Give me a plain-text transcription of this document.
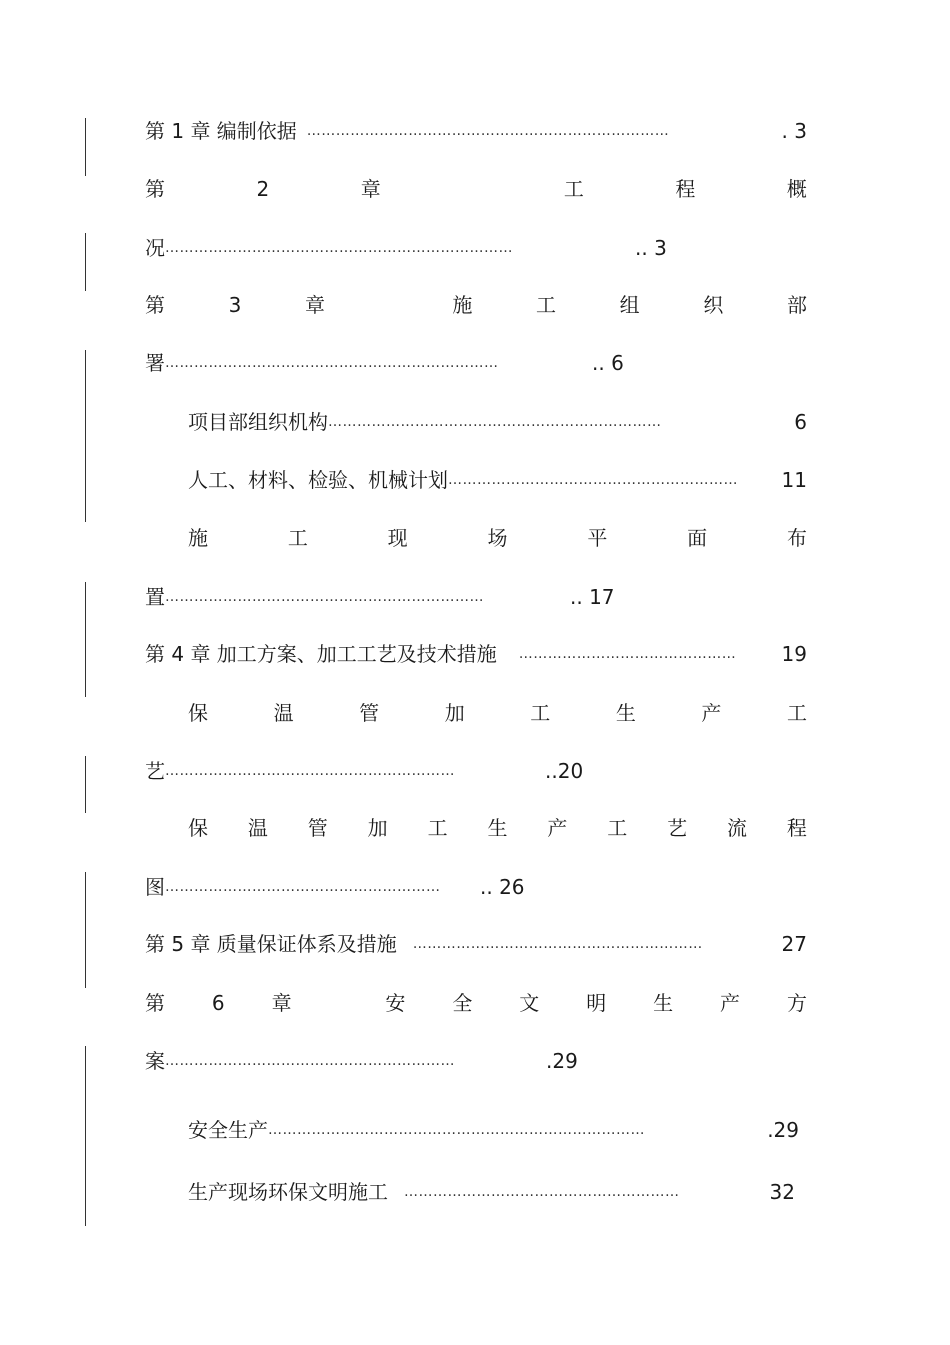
第 1 章 编制依据 …………………………………………………………………	. 3
第	2	章	工	程	概
况 ………………………………………………………………	.. 3
第	3	章	施	工	组	织	部
署 ……………………………………………………………	.. 6
项目部组织机构 ……………………………………………………………	6
人工、材料、检验、机械计划 ……………………………………………………	11
施	工	现	场	平	面	布
置 …………………………………………………………	.. 17
第 4 章 加工方案、加工工艺及技术措施 ………………………………………	19
保	温	管	加	工	生	产	工
艺 ……………………………………………………	..20
保 温 管 加 工 生 产 工 艺 流 程
图 …………………………………………………	.. 26
第 5 章 质量保证体系及措施 ……………………………………………………	27
第 6 章	安 全 文 明 生 产 方
案 ……………………………………………………	.29
安全生产 ……………………………………………………………………	.29
生产现场环保文明施工 …………………………………………………	32
